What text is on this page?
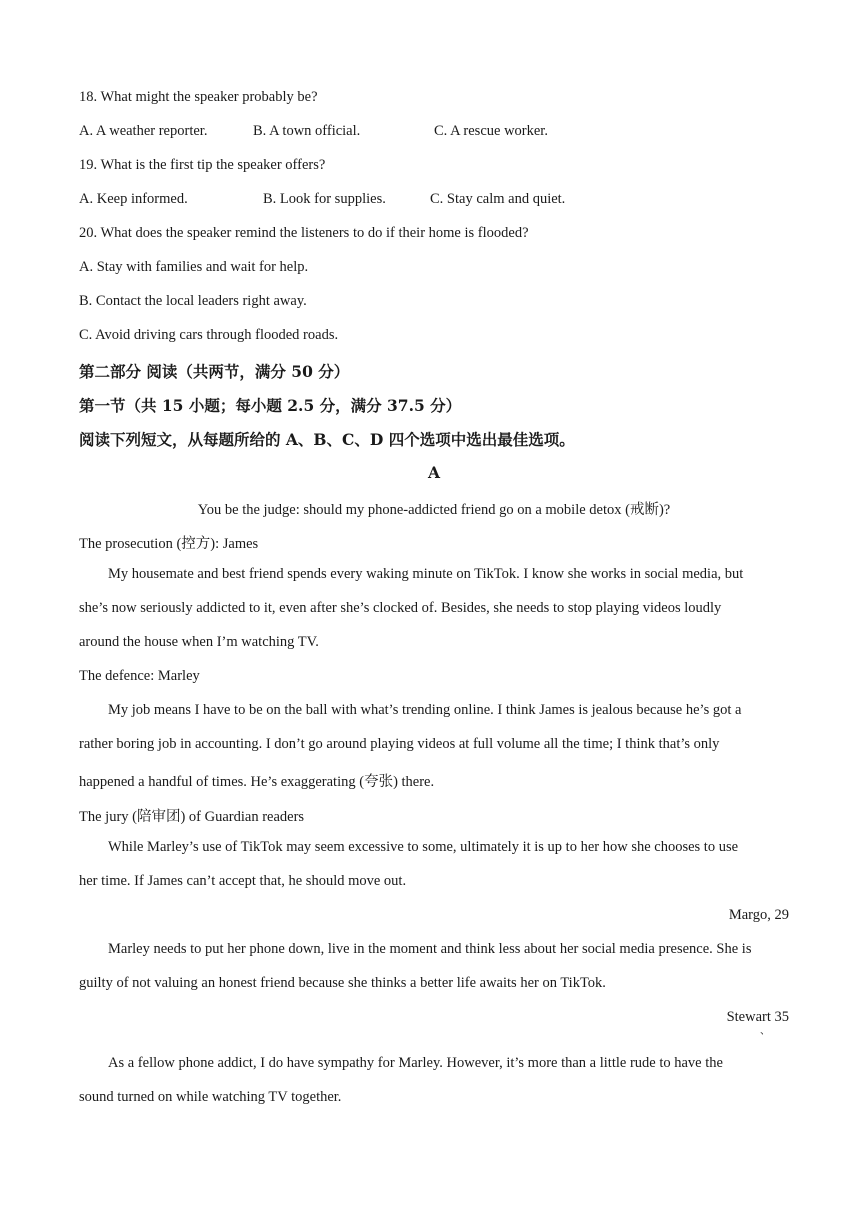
18. What might the speaker probably be?
A. A weather reporter.	B. A town official.	C. A rescue worker.
19. What is the first tip the speaker offers?
A. Keep informed.	B. Look for supplies.	C. Stay calm and quiet.
20. What does the speaker remind the listeners to do if their home is flooded?
A. Stay with families and wait for help.
B. Contact the local leaders right away.
C. Avoid driving cars through flooded roads.
第二部分 阅读（共两节，满分 50 分）
第一节（共 15 小题；每小题 2.5 分，满分 37.5 分）
阅读下列短文，从每题所给的 A、B、C、D 四个选项中选出最佳选项。
A
You be the judge: should my phone-addicted friend go on a mobile detox (戒断)?
The prosecution (控方): James
My housemate and best friend spends every waking minute on TikTok. I know she works in social media, but
she’s now seriously addicted to it, even after she’s clocked of. Besides, she needs to stop playing videos loudly
around the house when I’m watching TV.
The defence: Marley
My job means I have to be on the ball with what’s trending online. I think James is jealous because he’s got a
rather boring job in accounting. I don’t go around playing videos at full volume all the time; I think that’s only
happened a handful of times. He’s exaggerating (夸张) there.
The jury (陪审团) of Guardian readers
While Marley’s use of TikTok may seem excessive to some, ultimately it is up to her how she chooses to use
her time. If James can’t accept that, he should move out.
Margo, 29
Marley needs to put her phone down, live in the moment and think less about her social media presence. She is
guilty of not valuing an honest friend because she thinks a better life awaits her on TikTok.
Stewart 35
、
As a fellow phone addict, I do have sympathy for Marley. However, it’s more than a little rude to have the
sound turned on while watching TV together.
